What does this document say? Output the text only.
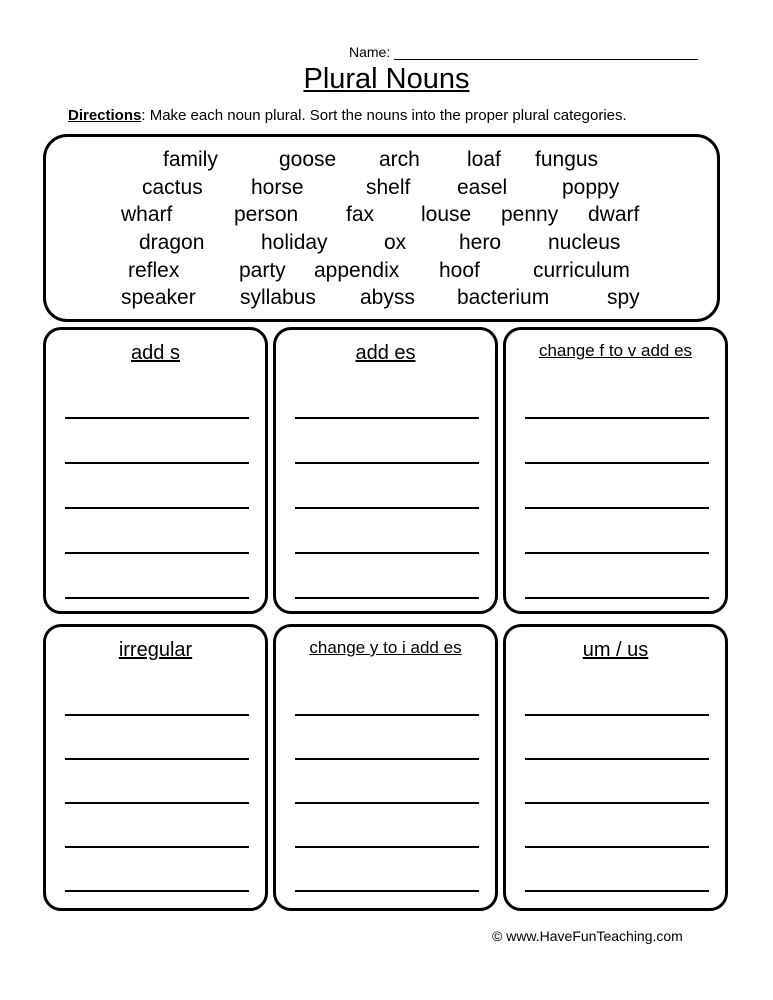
Name:
Plural Nouns
Directions: Make each noun plural. Sort the nouns into the proper plural categories.
family	goose arch loaf fungus
cactus horse	shelf easel	poppy
wharf	person fax louse penny dwarf
dragon	holiday	ox	hero nucleus
reflex	party appendix hoof	curriculum
speaker syllabus abyss bacterium	spy
add s	add es	change f to v add es
irregular	change y to i add es	um / us
© www.HaveFunTeaching.com
